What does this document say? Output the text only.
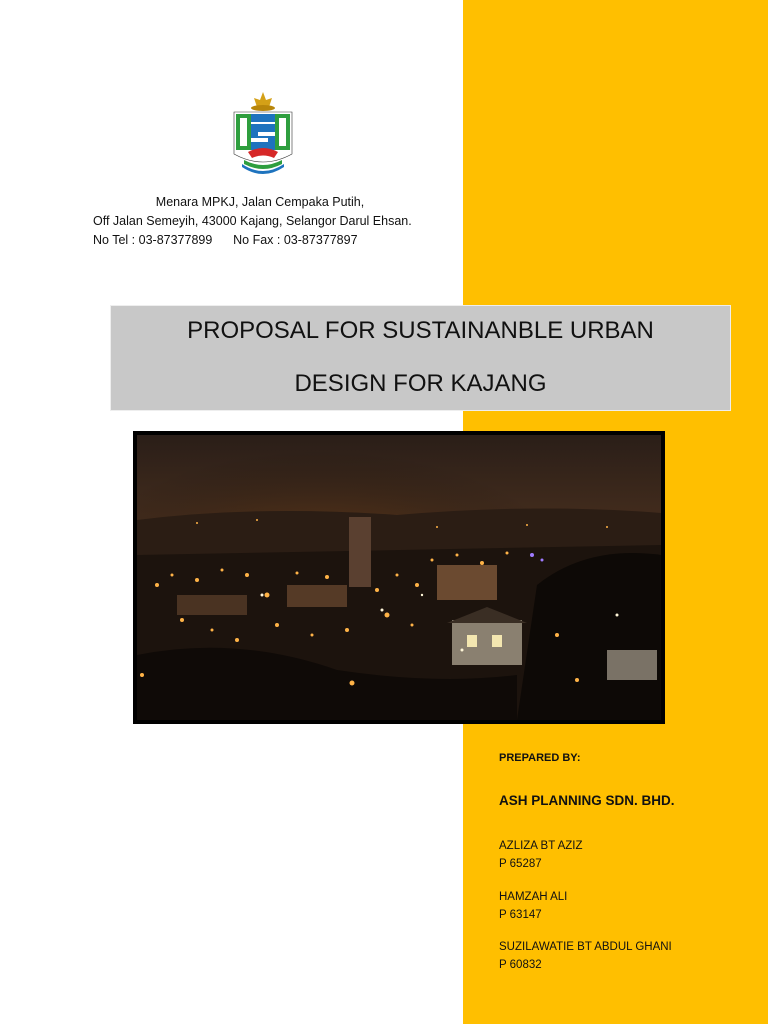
Menara MPKJ, Jalan Cempaka Putih,
Off Jalan Semeyih, 43000 Kajang, Selangor Darul Ehsan.
No Tel : 03-87377899      No Fax : 03-87377897
PROPOSAL FOR SUSTAINANBLE URBAN
DESIGN FOR KAJANG
PREPARED BY:
ASH PLANNING SDN. BHD.
AZLIZA BT AZIZ
P 65287
HAMZAH ALI
P 63147
SUZILAWATIE BT ABDUL GHANI
P 60832
